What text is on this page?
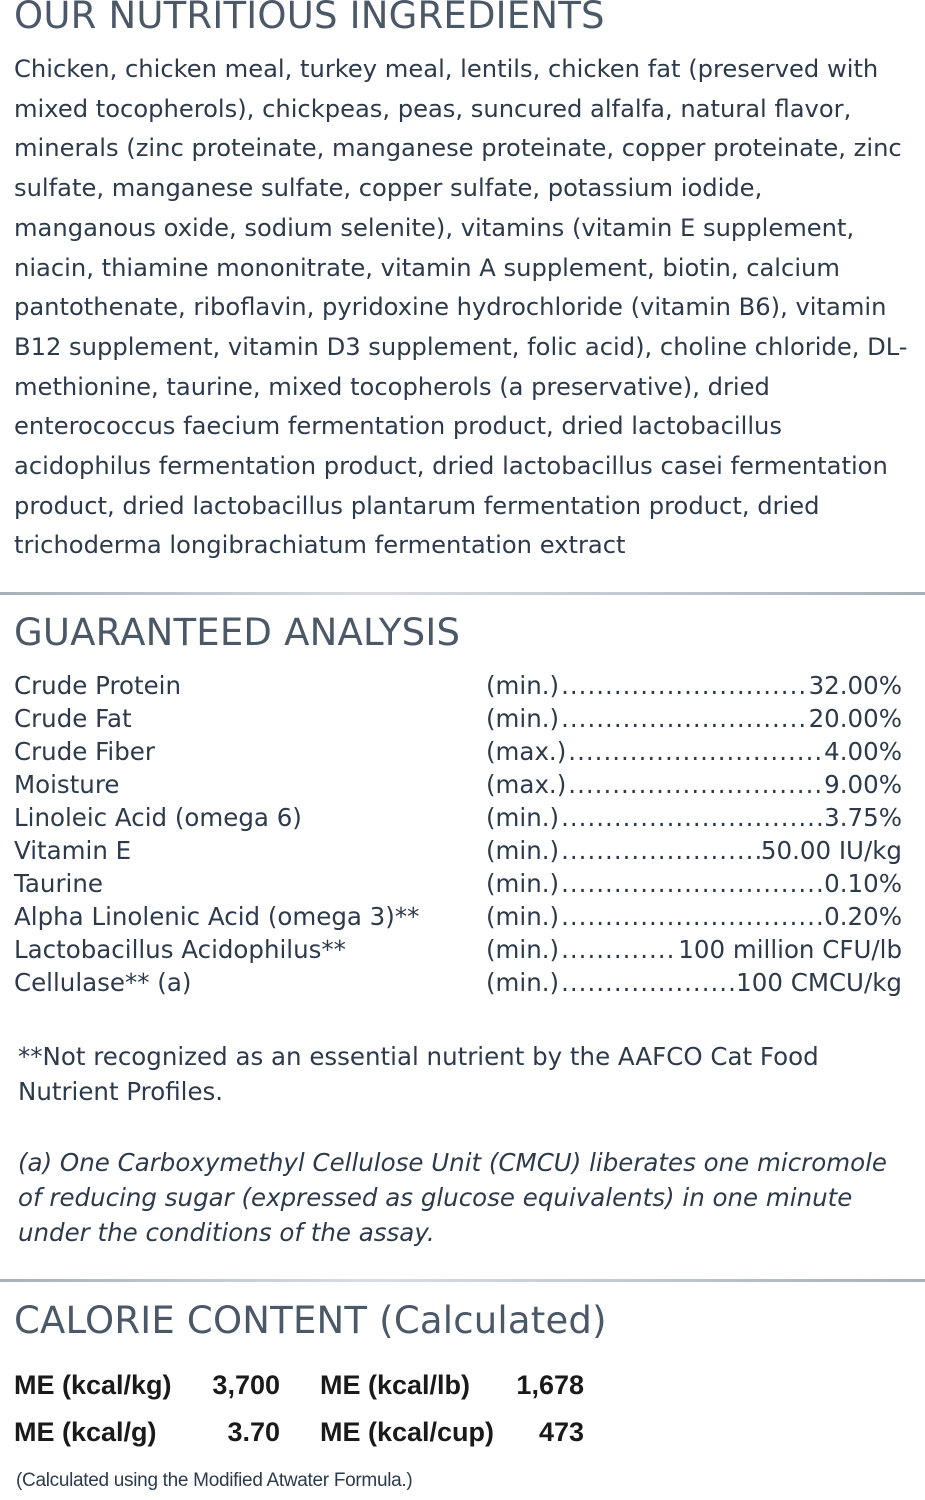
OUR NUTRITIOUS INGREDIENTS

Chicken, chicken meal, turkey meal, lentils, chicken fat (preserved with mixed tocopherols), chickpeas, peas, suncured alfalfa, natural flavor, minerals (zinc proteinate, manganese proteinate, copper proteinate, zinc sulfate, manganese sulfate, copper sulfate, potassium iodide, manganous oxide, sodium selenite), vitamins (vitamin E supplement, niacin, thiamine mononitrate, vitamin A supplement, biotin, calcium pantothenate, riboflavin, pyridoxine hydrochloride (vitamin B6), vitamin B12 supplement, vitamin D3 supplement, folic acid), choline chloride, DL-methionine, taurine, mixed tocopherols (a preservative), dried enterococcus faecium fermentation product, dried lactobacillus acidophilus fermentation product, dried lactobacillus casei fermentation product, dried lactobacillus plantarum fermentation product, dried trichoderma longibrachiatum fermentation extract

GUARANTEED ANALYSIS
Crude Protein	(min.) .....	32.00%
Crude Fat	(min.) .....	20.00%
Crude Fiber	(max.) .....	4.00%
Moisture	(max.) .....	9.00%
Linoleic Acid (omega 6)	(min.) .....	3.75%
Vitamin E	(min.) .....	50.00 IU/kg
Taurine	(min.) .....	0.10%
Alpha Linolenic Acid (omega 3)**	(min.) .....	0.20%
Lactobacillus Acidophilus**	(min.) .....	100 million CFU/lb
Cellulase** (a)	(min.) .....	100 CMCU/kg

**Not recognized as an essential nutrient by the AAFCO Cat Food Nutrient Profiles.

(a) One Carboxymethyl Cellulose Unit (CMCU) liberates one micromole of reducing sugar (expressed as glucose equivalents) in one minute under the conditions of the assay.

CALORIE CONTENT (Calculated)
ME (kcal/kg) 3,700 ME (kcal/lb) 1,678
ME (kcal/g)	3.70 ME (kcal/cup) 473

(Calculated using the Modified Atwater Formula.)
